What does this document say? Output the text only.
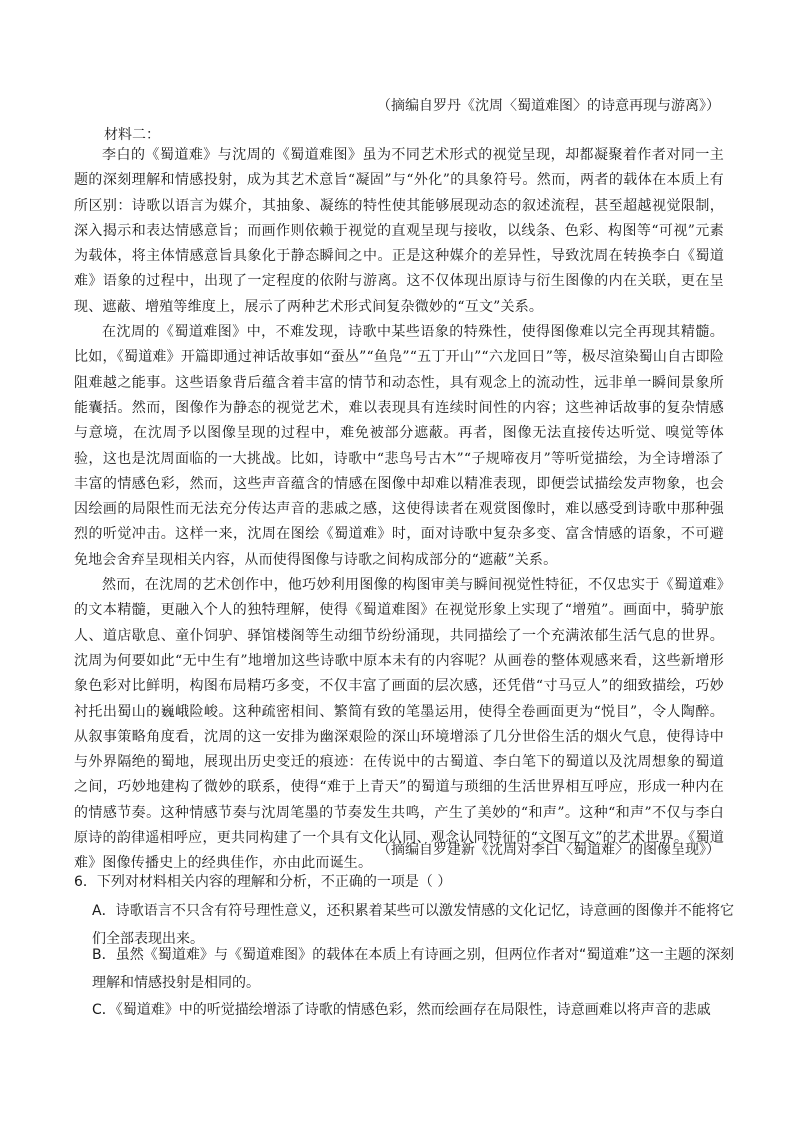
（摘编自罗丹《沈周〈蜀道难图〉的诗意再现与游离》）
材料二：

李白的《蜀道难》与沈周的《蜀道难图》虽为不同艺术形式的视觉呈现，却都凝聚着作者对同一主题的深刻理解和情感投射，成为其艺术意旨“凝固”与“外化”的具象符号。然而，两者的载体在本质上有所区别：诗歌以语言为媒介，其抽象、凝练的特性使其能够展现动态的叙述流程，甚至超越视觉限制，深入揭示和表达情感意旨；而画作则依赖于视觉的直观呈现与接收，以线条、色彩、构图等“可视”元素为载体，将主体情感意旨具象化于静态瞬间之中。正是这种媒介的差异性，导致沈周在转换李白《蜀道难》语象的过程中，出现了一定程度的依附与游离。这不仅体现出原诗与衍生图像的内在关联，更在呈现、遮蔽、增殖等维度上，展示了两种艺术形式间复杂微妙的“互文”关系。

在沈周的《蜀道难图》中，不难发现，诗歌中某些语象的特殊性，使得图像难以完全再现其精髓。比如，《蜀道难》开篇即通过神话故事如“蚕丛”“鱼凫”“五丁开山”“六龙回日”等，极尽渲染蜀山自古即险阻难越之能事。这些语象背后蕴含着丰富的情节和动态性，具有观念上的流动性，远非单一瞬间景象所能囊括。然而，图像作为静态的视觉艺术，难以表现具有连续时间性的内容；这些神话故事的复杂情感与意境，在沈周予以图像呈现的过程中，难免被部分遮蔽。再者，图像无法直接传达听觉、嗅觉等体验，这也是沈周面临的一大挑战。比如，诗歌中“悲鸟号古木”“子规啼夜月”等听觉描绘，为全诗增添了丰富的情感色彩，然而，这些声音蕴含的情感在图像中却难以精准表现，即便尝试描绘发声物象，也会因绘画的局限性而无法充分传达声音的悲戚之感，这使得读者在观赏图像时，难以感受到诗歌中那种强烈的听觉冲击。这样一来，沈周在图绘《蜀道难》时，面对诗歌中复杂多变、富含情感的语象，不可避免地会舍弃呈现相关内容，从而使得图像与诗歌之间构成部分的“遮蔽”关系。

然而，在沈周的艺术创作中，他巧妙利用图像的构图审美与瞬间视觉性特征，不仅忠实于《蜀道难》的文本精髓，更融入个人的独特理解，使得《蜀道难图》在视觉形象上实现了“增殖”。画面中，骑驴旅人、道店歇息、童仆饲驴、驿馆楼阁等生动细节纷纷涌现，共同描绘了一个充满浓郁生活气息的世界。沈周为何要如此“无中生有”地增加这些诗歌中原本未有的内容呢？从画卷的整体观感来看，这些新增形象色彩对比鲜明，构图布局精巧多变，不仅丰富了画面的层次感，还凭借“寸马豆人”的细致描绘，巧妙衬托出蜀山的巍峨险峻。这种疏密相间、繁简有致的笔墨运用，使得全卷画面更为“悦目”，令人陶醉。从叙事策略角度看，沈周的这一安排为幽深艰险的深山环境增添了几分世俗生活的烟火气息，使得诗中与外界隔绝的蜀地，展现出历史变迁的痕迹：在传说中的古蜀道、李白笔下的蜀道以及沈周想象的蜀道之间，巧妙地建构了微妙的联系，使得“难于上青天”的蜀道与琐细的生活世界相互呼应，形成一种内在的情感节奏。这种情感节奏与沈周笔墨的节奏发生共鸣，产生了美妙的“和声”。这种“和声”不仅与李白原诗的韵律遥相呼应，更共同构建了一个具有文化认同、观念认同特征的“文图互文”的艺术世界。《蜀道难》图像传播史上的经典佳作，亦由此而诞生。

（摘编自罗建新《沈周对李白〈蜀道难〉的图像呈现》）
6．下列对材料相关内容的理解和分析，不正确的一项是（ ）
A．诗歌语言不只含有符号理性意义，还积累着某些可以激发情感的文化记忆，诗意画的图像并不能将它们全部表现出来。
B．虽然《蜀道难》与《蜀道难图》的载体在本质上有诗画之别，但两位作者对“蜀道难”这一主题的深刻理解和情感投射是相同的。
C．《蜀道难》中的听觉描绘增添了诗歌的情感色彩，然而绘画存在局限性，诗意画难以将声音的悲戚
